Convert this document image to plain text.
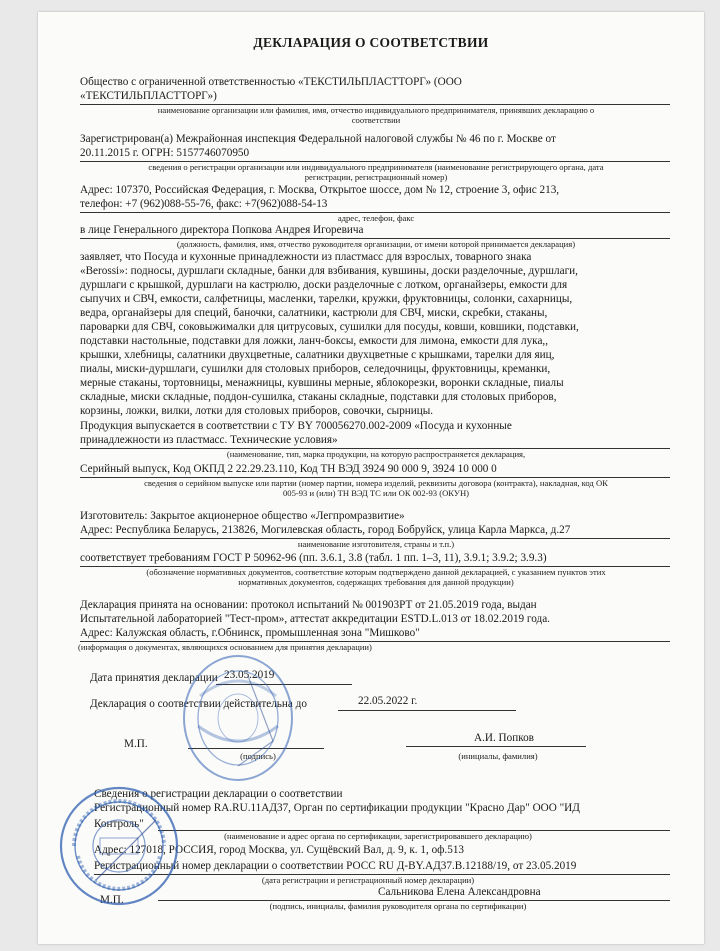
ДЕКЛАРАЦИЯ О СООТВЕТСТВИИ
Общество с ограниченной ответственностью «ТЕКСТИЛЬПЛАСТТОРГ» (ООО
«ТЕКСТИЛЬПЛАСТТОРГ»)
наименование организации или фамилия, имя, отчество индивидуального предпринимателя, принявших декларацию о
соответствии
Зарегистрирован(а) Межрайонная инспекция Федеральной налоговой службы № 46 по г. Москве от
20.11.2015 г. ОГРН: 5157746070950
сведения о регистрации организации или индивидуального предпринимателя (наименование регистрирующего органа, дата
регистрации, регистрационный номер)
Адрес: 107370, Российская Федерация, г. Москва, Открытое шоссе, дом № 12, строение 3, офис 213,
телефон: +7 (962)088-55-76, факс: +7(962)088-54-13
адрес, телефон, факс
в лице Генерального директора Попкова Андрея Игоревича
(должность, фамилия, имя, отчество руководителя организации, от имени которой принимается декларация)
заявляет, что Посуда и кухонные принадлежности из пластмасс для взрослых, товарного знака
«Berossi»: подносы, дуршлаги складные, банки для взбивания, кувшины, доски разделочные, дуршлаги,
дуршлаги с крышкой, дуршлаги на кастрюлю, доски разделочные с лотком, органайзеры, емкости для
сыпучих и СВЧ, емкости, салфетницы, масленки, тарелки, кружки, фруктовницы, солонки, сахарницы,
ведра, органайзеры для специй, баночки, салатники, кастрюли для СВЧ, миски, скребки, стаканы,
пароварки для СВЧ, соковыжималки для цитрусовых, сушилки для посуды, ковши, ковшики, подставки,
подставки настольные, подставки для ложки, ланч-боксы, емкости для лимона, емкости для лука,,
крышки, хлебницы, салатники двухцветные, салатники двухцветные с крышками, тарелки для яиц,
пиалы, миски-дуршлаги, сушилки для столовых приборов, селедочницы, фруктовницы, креманки,
мерные стаканы, тортовницы, менажницы, кувшины мерные, яблокорезки, воронки складные, пиалы
складные, миски складные, поддон-сушилка, стаканы складные, подставки для столовых приборов,
корзины, ложки, вилки, лотки для столовых приборов, совочки, сырницы.
Продукция выпускается в соответствии с ТУ BY 700056270.002-2009 «Посуда и кухонные
принадлежности из пластмасс. Технические условия»
(наименование, тип, марка продукции, на которую распространяется декларация,
Серийный выпуск, Код ОКПД 2 22.29.23.110, Код ТН ВЭД 3924 90 000 9, 3924 10 000 0
сведения о серийном выпуске или партии (номер партии, номера изделий, реквизиты договора (контракта), накладная, код ОК
005-93 и (или) ТН ВЭД ТС или ОК 002-93 (ОКУН)
Изготовитель: Закрытое акционерное общество «Легпромразвитие»
Адрес: Республика Беларусь, 213826, Могилевская область, город Бобруйск, улица Карла Маркса, д.27
наименование изготовителя, страны и т.п.)
соответствует требованиям ГОСТ Р 50962-96 (пп. 3.6.1, 3.8 (табл. 1 пп. 1–3, 11), 3.9.1; 3.9.2; 3.9.3)
(обозначение нормативных документов, соответствие которым подтверждено данной декларацией, с указанием пунктов этих
нормативных документов, содержащих требования для данной продукции)
Декларация принята на основании: протокол испытаний № 001903РТ от 21.05.2019 года, выдан
Испытательной лабораторией "Тест-пром», аттестат аккредитации ESTD.L.013 от 18.02.2019 года.
Адрес: Калужская область, г.Обнинск, промышленная зона "Мишково"
(информация о документах, являющихся основанием для принятия декларации)
Дата принятия декларации 23.05.2019
Декларация о соответствии действительна до	22.05.2022 г.
М.П.	А.И. Попков
(подпись)	(инициалы, фамилия)
Сведения о регистрации декларации о соответствии
Регистрационный номер RA.RU.11АД37, Орган по сертификации продукции "Красно Дар" ООО "ИД
Контроль"
(наименование и адрес органа по сертификации, зарегистрировавшего декларацию)
Адрес: 127018, РОССИЯ, город Москва, ул. Сущёвский Вал, д. 9, к. 1, оф.513
Регистрационный номер декларации о соответствии РОСС RU Д-BY.АД37.В.12188/19, от 23.05.2019
(дата регистрации и регистрационный номер декларации)
М.П.
Сальникова Елена Александровна
(подпись, инициалы, фамилия руководителя органа по сертификации)
